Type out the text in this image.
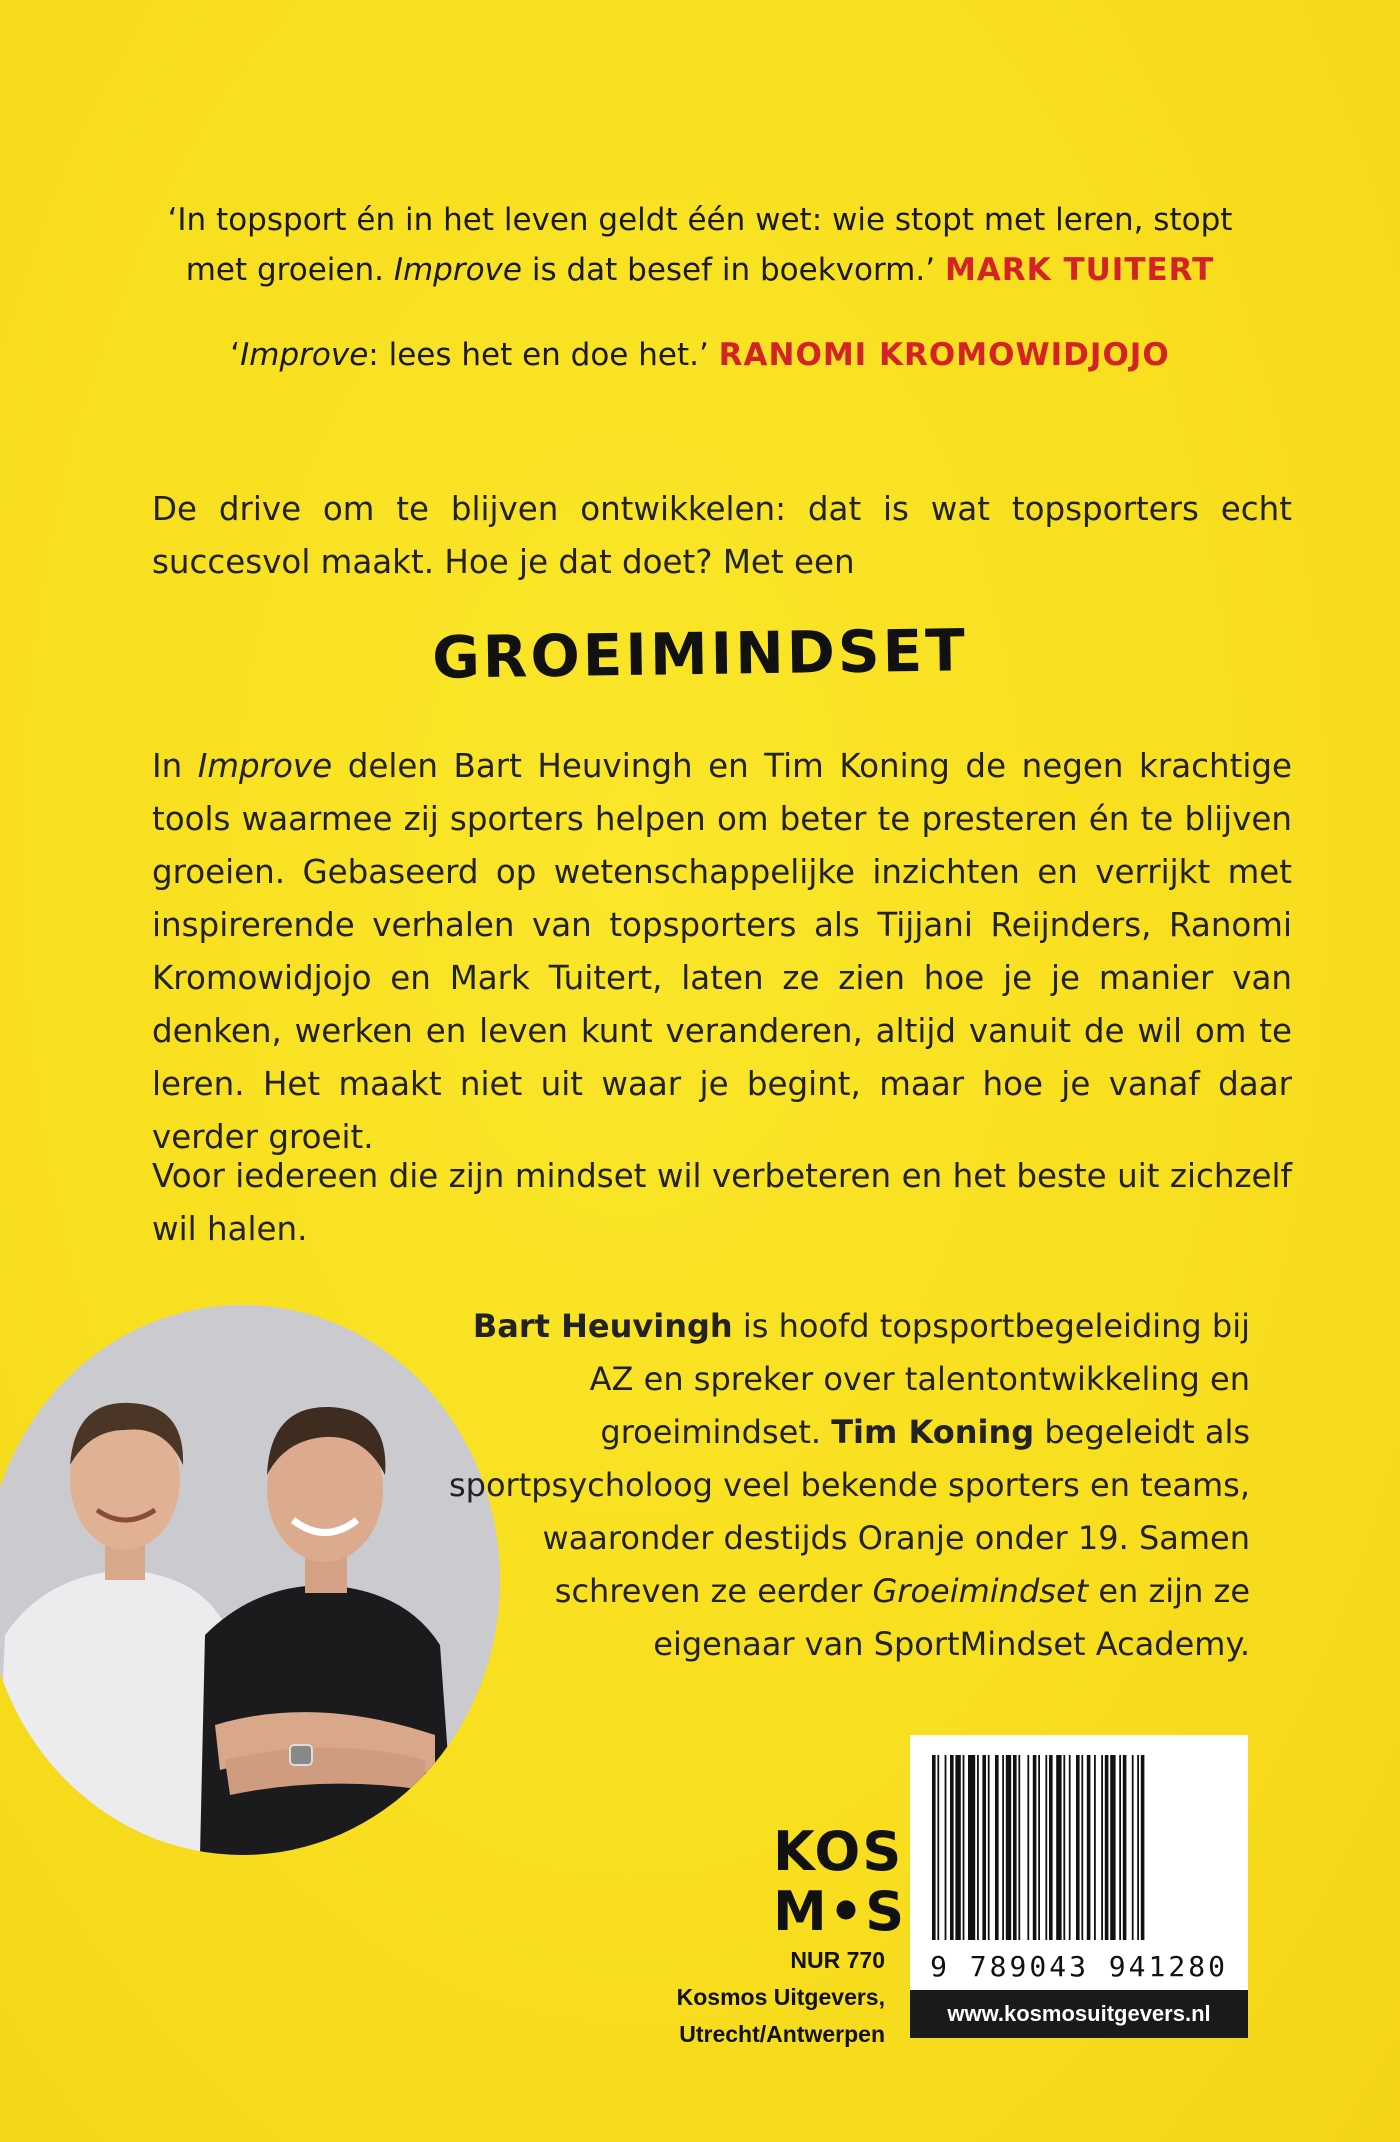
‘In topsport én in het leven geldt één wet: wie stopt met leren, stopt met groeien. Improve is dat besef in boekvorm.’ MARK TUITERT
‘Improve: lees het en doe het.’ RANOMI KROMOWIDJOJO
De drive om te blijven ontwikkelen: dat is wat topsporters echt succesvol maakt. Hoe je dat doet? Met een
GROEIMINDSET
In Improve delen Bart Heuvingh en Tim Koning de negen krachtige tools waarmee zij sporters helpen om beter te presteren én te blijven groeien. Gebaseerd op wetenschappelijke inzichten en verrijkt met inspirerende verhalen van topsporters als Tijjani Reijnders, Ranomi Kromowidjojo en Mark Tuitert, laten ze zien hoe je je manier van denken, werken en leven kunt veranderen, altijd vanuit de wil om te leren. Het maakt niet uit waar je begint, maar hoe je vanaf daar verder groeit.
Voor iedereen die zijn mindset wil verbeteren en het beste uit zichzelf wil halen.

Bart Heuvingh is hoofd topsportbegeleiding bij AZ en spreker over talentontwikkeling en groeimindset. Tim Koning begeleidt als sportpsycholoog veel bekende sporters en teams, waaronder destijds Oranje onder 19. Samen schreven ze eerder Groeimindset en zijn ze eigenaar van SportMindset Academy.

KOS
M•S
NUR 770
Kosmos Uitgevers,
Utrecht/Antwerpen
9 789043 941280
www.kosmosuitgevers.nl
